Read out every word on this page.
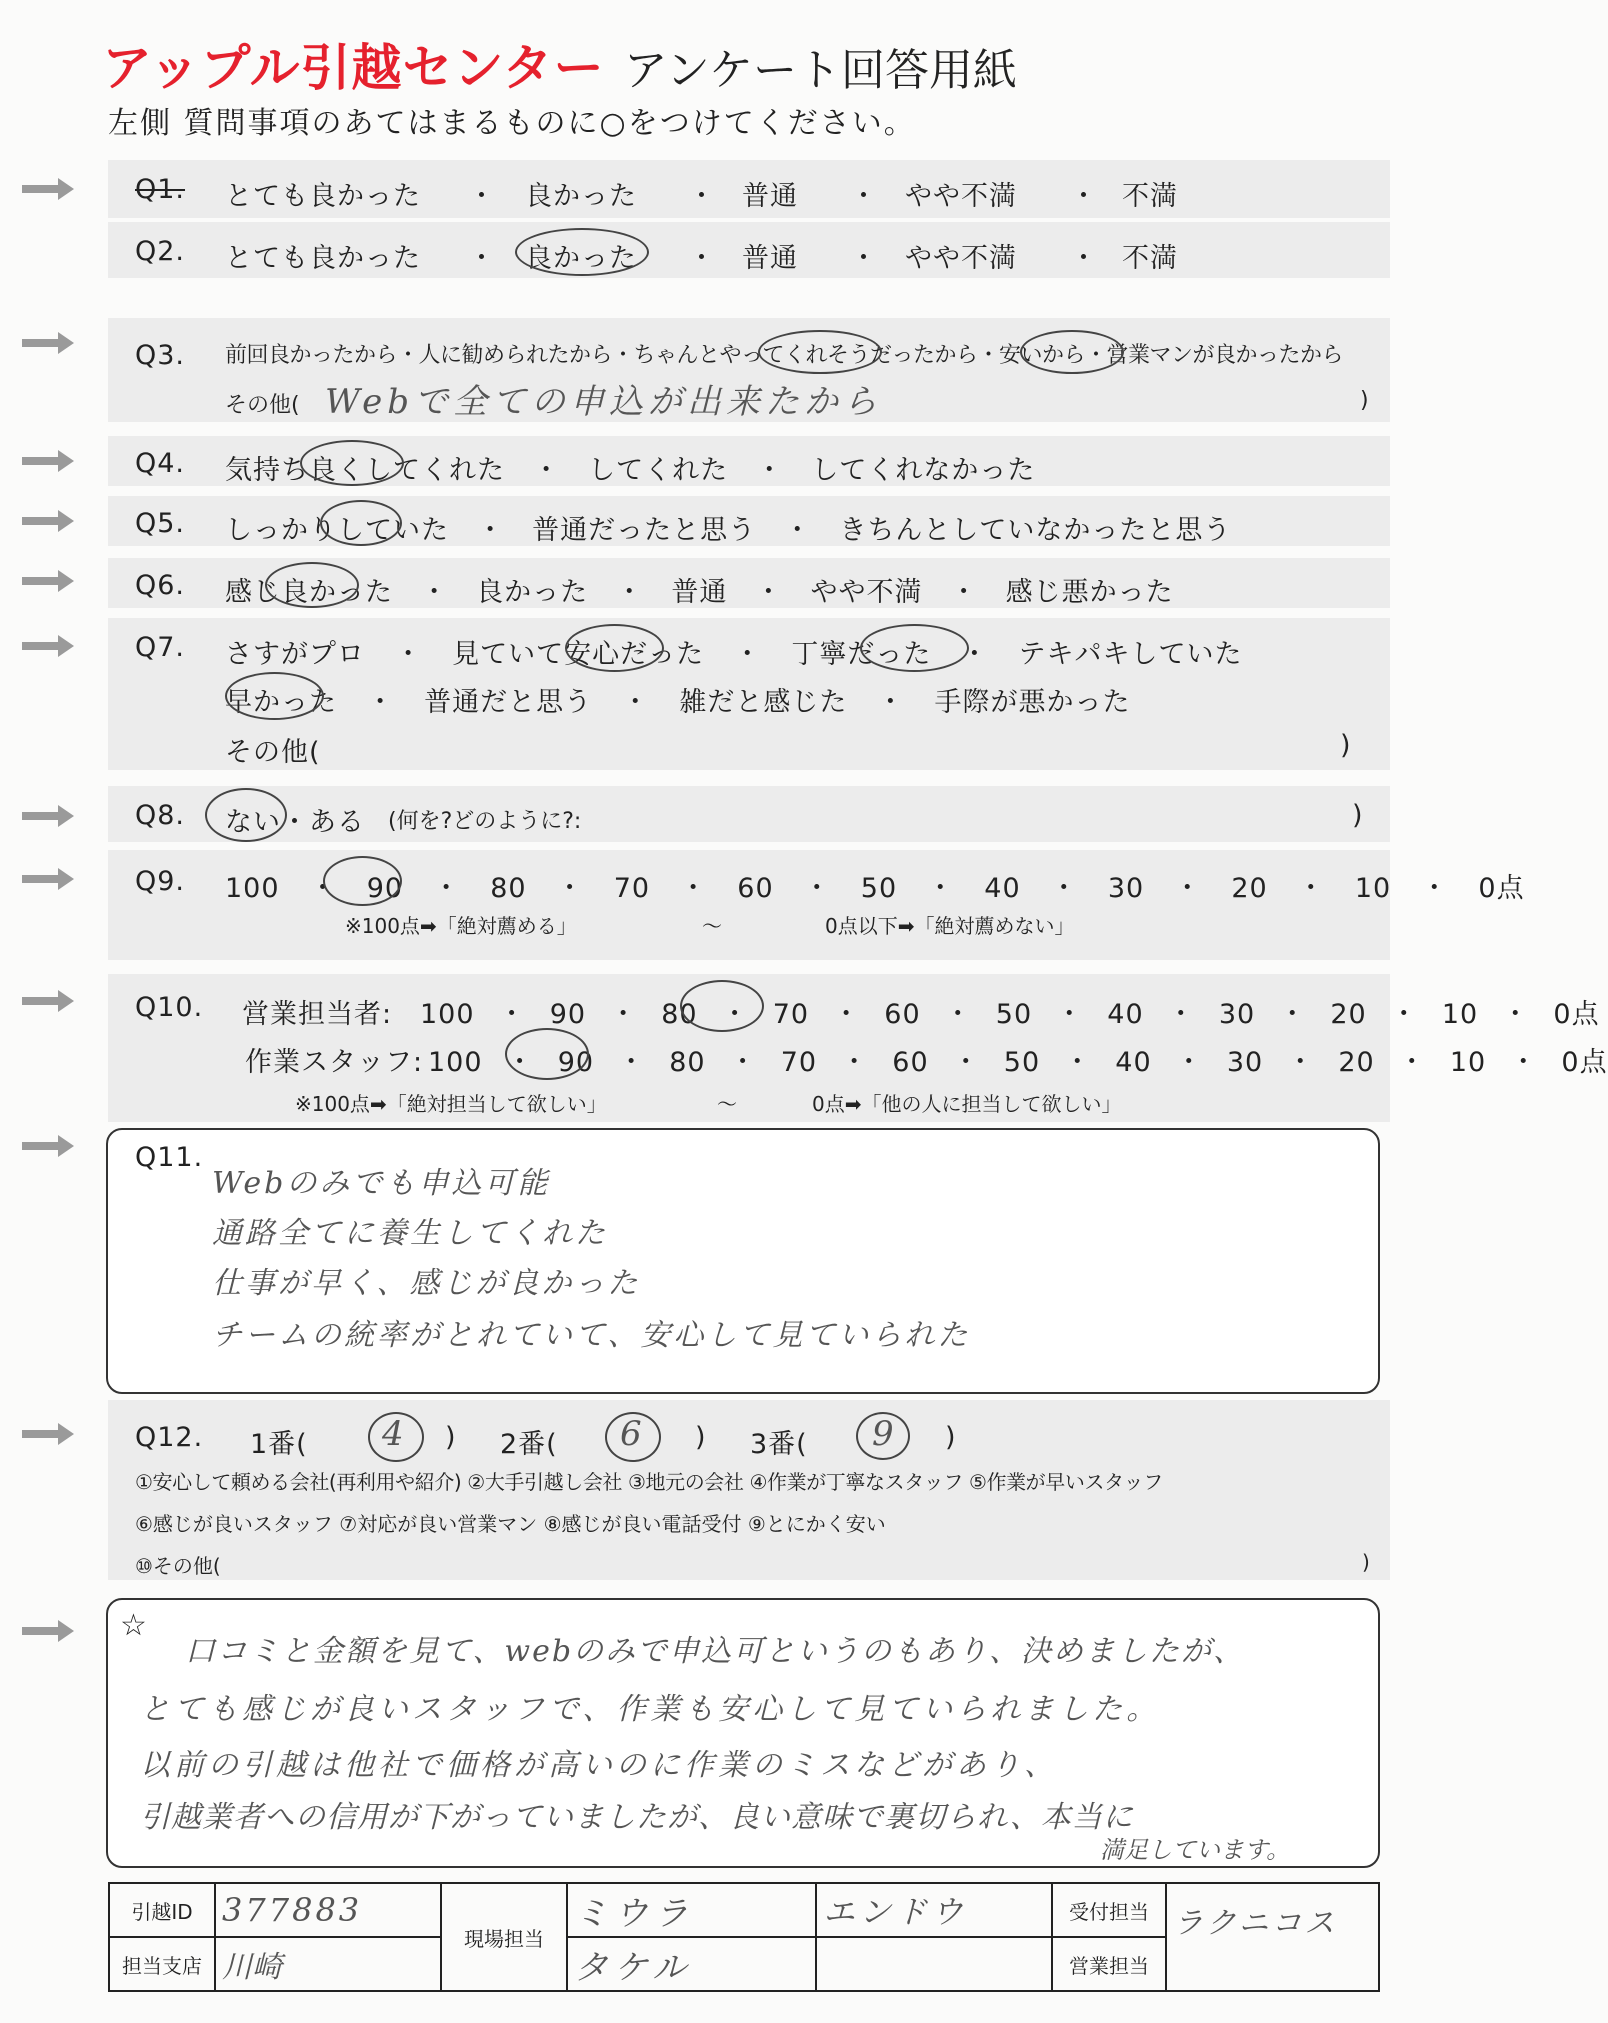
アップル引越センター アンケート回答用紙
左側 質問事項のあてはまるものに○をつけてください。
Q1. とても良かった ・ 良かった ・ 普通 ・ やや不満 ・ 不満
Q2. とても良かった ・ 良かった ・ 普通 ・ やや不満 ・ 不満
Q3. 前回良かったから・人に勧められたから・ちゃんとやってくれそうだったから・安いから・営業マンが良かったから
その他( Webで全ての申込が出来たから	)
Q4. 気持ち良くしてくれた ・ してくれた ・ してくれなかった
Q5. しっかりしていた ・ 普通だったと思う ・ きちんとしていなかったと思う
Q6. 感じ良かった ・ 良かった ・ 普通 ・ やや不満 ・ 感じ悪かった
Q7. さすがプロ ・ 見ていて安心だった ・ 丁寧だった ・ テキパキしていた
早かった ・ 普通だと思う ・ 雑だと感じた ・ 手際が悪かった
その他(	)
Q8. ない・ある (何を?どのように?:	)
Q9. 100 ・ 90 ・ 80 ・ 70 ・ 60 ・ 50 ・ 40 ・ 30 ・ 20 ・ 10 ・ 0点
※100点➡「絶対薦める」	〜	0点以下➡「絶対薦めない」
Q10. 営業担当者: 100 ・ 90 ・ 80 ・ 70 ・ 60 ・ 50 ・ 40 ・ 30 ・ 20 ・ 10 ・ 0点
作業スタッフ: 100 ・ 90 ・ 80 ・ 70 ・ 60 ・ 50 ・ 40 ・ 30 ・ 20 ・ 10 ・ 0点
※100点➡「絶対担当して欲しい」	〜	0点➡「他の人に担当して欲しい」
Q11.
Webのみでも申込可能
通路全てに養生してくれた
仕事が早く、感じが良かった
チームの統率がとれていて、安心して見ていられた
Q12. 1番( 4 ) 2番( 6 ) 3番( 9 )
①安心して頼める会社(再利用や紹介) ②大手引越し会社 ③地元の会社 ④作業が丁寧なスタッフ ⑤作業が早いスタッフ
⑥感じが良いスタッフ ⑦対応が良い営業マン ⑧感じが良い電話受付 ⑨とにかく安い
⑩その他(	)
☆
口コミと金額を見て、webのみで申込可というのもあり、決めましたが、
とても感じが良いスタッフで、作業も安心して見ていられました。
以前の引越は他社で価格が高いのに作業のミスなどがあり、
引越業者への信用が下がっていましたが、良い意味で裏切られ、本当に
満足しています。
引越ID	377883	現場担当	ミウラ	エンドウ	受付担当	ラクニコス
担当支店	川崎		タケル		営業担当	
